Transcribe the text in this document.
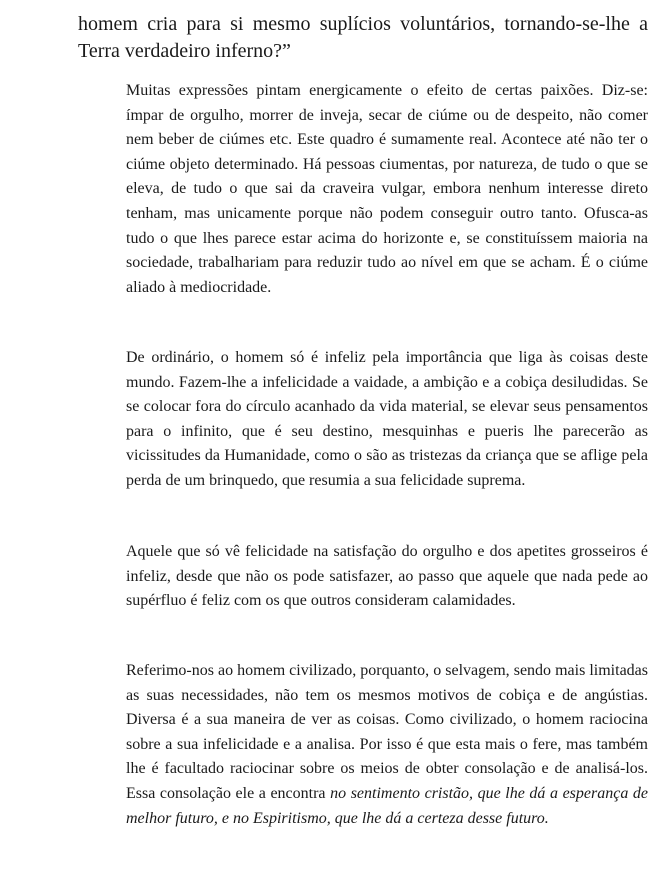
homem cria para si mesmo suplícios voluntários, tornando-se-lhe a Terra verdadeiro inferno?”

Muitas expressões pintam energicamente o efeito de certas paixões. Diz-se: ímpar de orgulho, morrer de inveja, secar de ciúme ou de despeito, não comer nem beber de ciúmes etc. Este quadro é sumamente real. Acontece até não ter o ciúme objeto determinado. Há pessoas ciumentas, por natureza, de tudo o que se eleva, de tudo o que sai da craveira vulgar, embora nenhum interesse direto tenham, mas unicamente porque não podem conseguir outro tanto. Ofusca-as tudo o que lhes parece estar acima do horizonte e, se constituíssem maioria na sociedade, trabalhariam para reduzir tudo ao nível em que se acham. É o ciúme aliado à mediocridade.

De ordinário, o homem só é infeliz pela importância que liga às coisas deste mundo. Fazem-lhe a infelicidade a vaidade, a ambição e a cobiça desiludidas. Se se colocar fora do círculo acanhado da vida material, se elevar seus pensamentos para o infinito, que é seu destino, mesquinhas e pueris lhe parecerão as vicissitudes da Humanidade, como o são as tristezas da criança que se aflige pela perda de um brinquedo, que resumia a sua felicidade suprema.

Aquele que só vê felicidade na satisfação do orgulho e dos apetites grosseiros é infeliz, desde que não os pode satisfazer, ao passo que aquele que nada pede ao supérfluo é feliz com os que outros consideram calamidades.

Referimo-nos ao homem civilizado, porquanto, o selvagem, sendo mais limitadas as suas necessidades, não tem os mesmos motivos de cobiça e de angústias. Diversa é a sua maneira de ver as coisas. Como civilizado, o homem raciocina sobre a sua infelicidade e a analisa. Por isso é que esta mais o fere, mas também lhe é facultado raciocinar sobre os meios de obter consolação e de analisá-los. Essa consolação ele a encontra no sentimento cristão, que lhe dá a esperança de melhor futuro, e no Espiritismo, que lhe dá a certeza desse futuro.
